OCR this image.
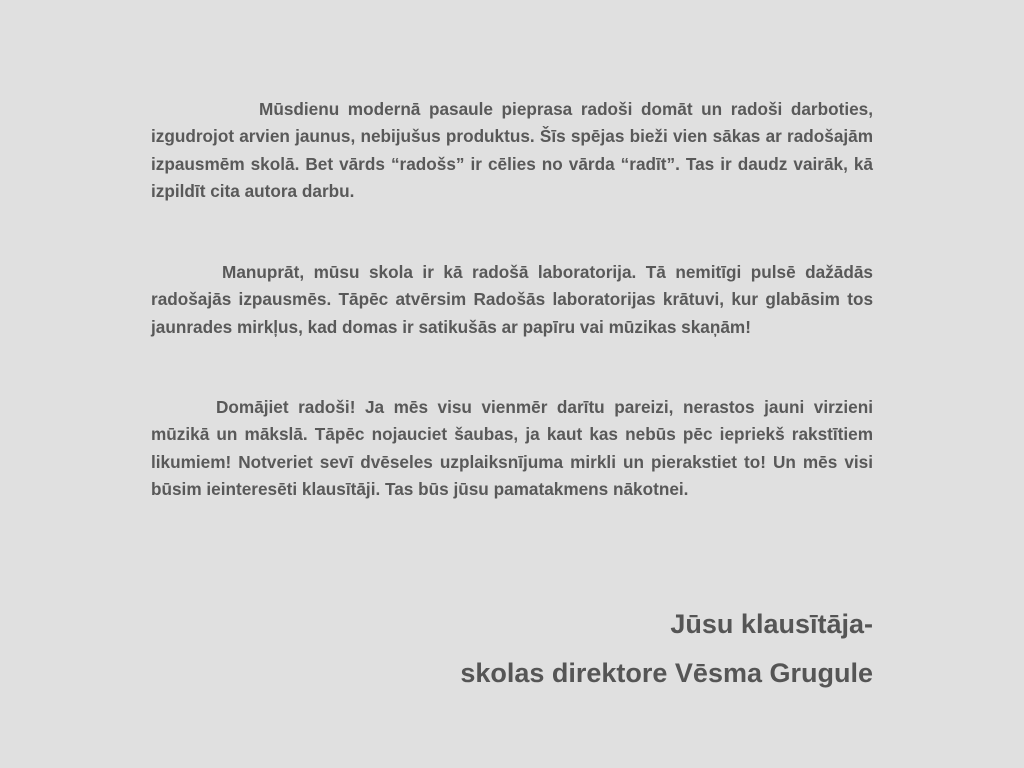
Mūsdienu modernā pasaule pieprasa radoši domāt un radoši darboties, izgudrojot arvien jaunus, nebijušus produktus. Šīs spējas bieži vien sākas ar radošajām izpausmēm skolā. Bet vārds “radošs” ir cēlies no vārda “radīt”. Tas ir daudz vairāk, kā izpildīt cita autora darbu.

Manuprāt, mūsu skola ir kā radošā laboratorija. Tā nemitīgi pulsē dažādās radošajās izpausmēs. Tāpēc atvērsim Radošās laboratorijas krātuvi, kur glabāsim tos jaunrades mirkļus, kad domas ir satikušās ar papīru vai mūzikas skaņām!

Domājiet radoši! Ja mēs visu vienmēr darītu pareizi, nerastos jauni virzieni mūzikā un mākslā. Tāpēc nojauciet šaubas, ja kaut kas nebūs pēc iepriekš rakstītiem likumiem! Notveriet sevī dvēseles uzplaiksnījuma mirkli un pierakstiet to! Un mēs visi būsim ieinteresēti klausītāji. Tas būs jūsu pamatakmens nākotnei.

Jūsu klausītāja-
skolas direktore Vēsma Grugule
